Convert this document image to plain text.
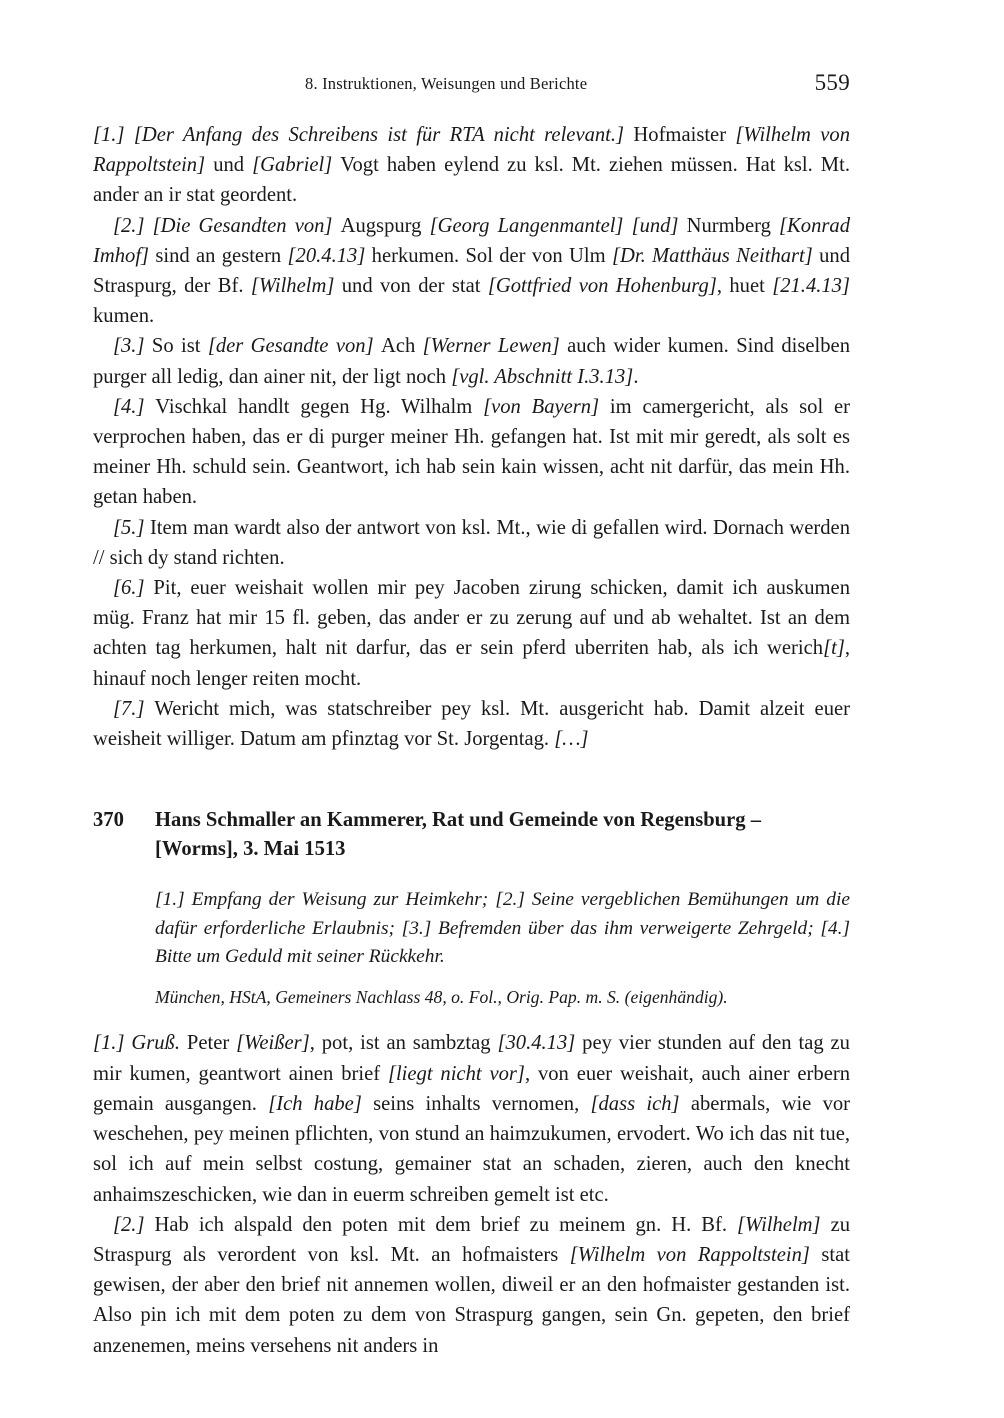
8. Instruktionen, Weisungen und Berichte	559

[1.] [Der Anfang des Schreibens ist für RTA nicht relevant.] Hofmaister [Wilhelm von Rappoltstein] und [Gabriel] Vogt haben eylend zu ksl. Mt. ziehen müssen. Hat ksl. Mt. ander an ir stat geordent.

[2.] [Die Gesandten von] Augspurg [Georg Langenmantel] [und] Nurmberg [Konrad Imhof] sind an gestern [20.4.13] herkumen. Sol der von Ulm [Dr. Matthäus Neithart] und Straspurg, der Bf. [Wilhelm] und von der stat [Gottfried von Hohenburg], huet [21.4.13] kumen.

[3.] So ist [der Gesandte von] Ach [Werner Lewen] auch wider kumen. Sind diselben purger all ledig, dan ainer nit, der ligt noch [vgl. Abschnitt I.3.13].

[4.] Vischkal handlt gegen Hg. Wilhalm [von Bayern] im camergericht, als sol er verprochen haben, das er di purger meiner Hh. gefangen hat. Ist mit mir geredt, als solt es meiner Hh. schuld sein. Geantwort, ich hab sein kain wissen, acht nit darfür, das mein Hh. getan haben.

[5.] Item man wardt also der antwort von ksl. Mt., wie di gefallen wird. Dornach werden // sich dy stand richten.

[6.] Pit, euer weishait wollen mir pey Jacoben zirung schicken, damit ich auskumen müg. Franz hat mir 15 fl. geben, das ander er zu zerung auf und ab wehaltet. Ist an dem achten tag herkumen, halt nit darfur, das er sein pferd uberriten hab, als ich werich[t], hinauf noch lenger reiten mocht.

[7.] Wericht mich, was statschreiber pey ksl. Mt. ausgericht hab. Damit alzeit euer weisheit williger. Datum am pfinztag vor St. Jorgentag. […]

370 Hans Schmaller an Kammerer, Rat und Gemeinde von Regensburg –
[Worms], 3. Mai 1513

[1.] Empfang der Weisung zur Heimkehr; [2.] Seine vergeblichen Bemühungen um die dafür erforderliche Erlaubnis; [3.] Befremden über das ihm verweigerte Zehrgeld; [4.] Bitte um Geduld mit seiner Rückkehr.

München, HStA, Gemeiners Nachlass 48, o. Fol., Orig. Pap. m. S. (eigenhändig).

[1.] Gruß. Peter [Weißer], pot, ist an sambztag [30.4.13] pey vier stunden auf den tag zu mir kumen, geantwort ainen brief [liegt nicht vor], von euer weishait, auch ainer erbern gemain ausgangen. [Ich habe] seins inhalts vernomen, [dass ich] abermals, wie vor weschehen, pey meinen pflichten, von stund an haimzukumen, ervodert. Wo ich das nit tue, sol ich auf mein selbst costung, gemainer stat an schaden, zieren, auch den knecht anhaimszeschicken, wie dan in euerm schreiben gemelt ist etc.

[2.] Hab ich alspald den poten mit dem brief zu meinem gn. H. Bf. [Wilhelm] zu Straspurg als verordent von ksl. Mt. an hofmaisters [Wilhelm von Rappoltstein] stat gewisen, der aber den brief nit annemen wollen, diweil er an den hofmaister gestanden ist. Also pin ich mit dem poten zu dem von Straspurg gangen, sein Gn. gepeten, den brief anzenemen, meins versehens nit anders in
